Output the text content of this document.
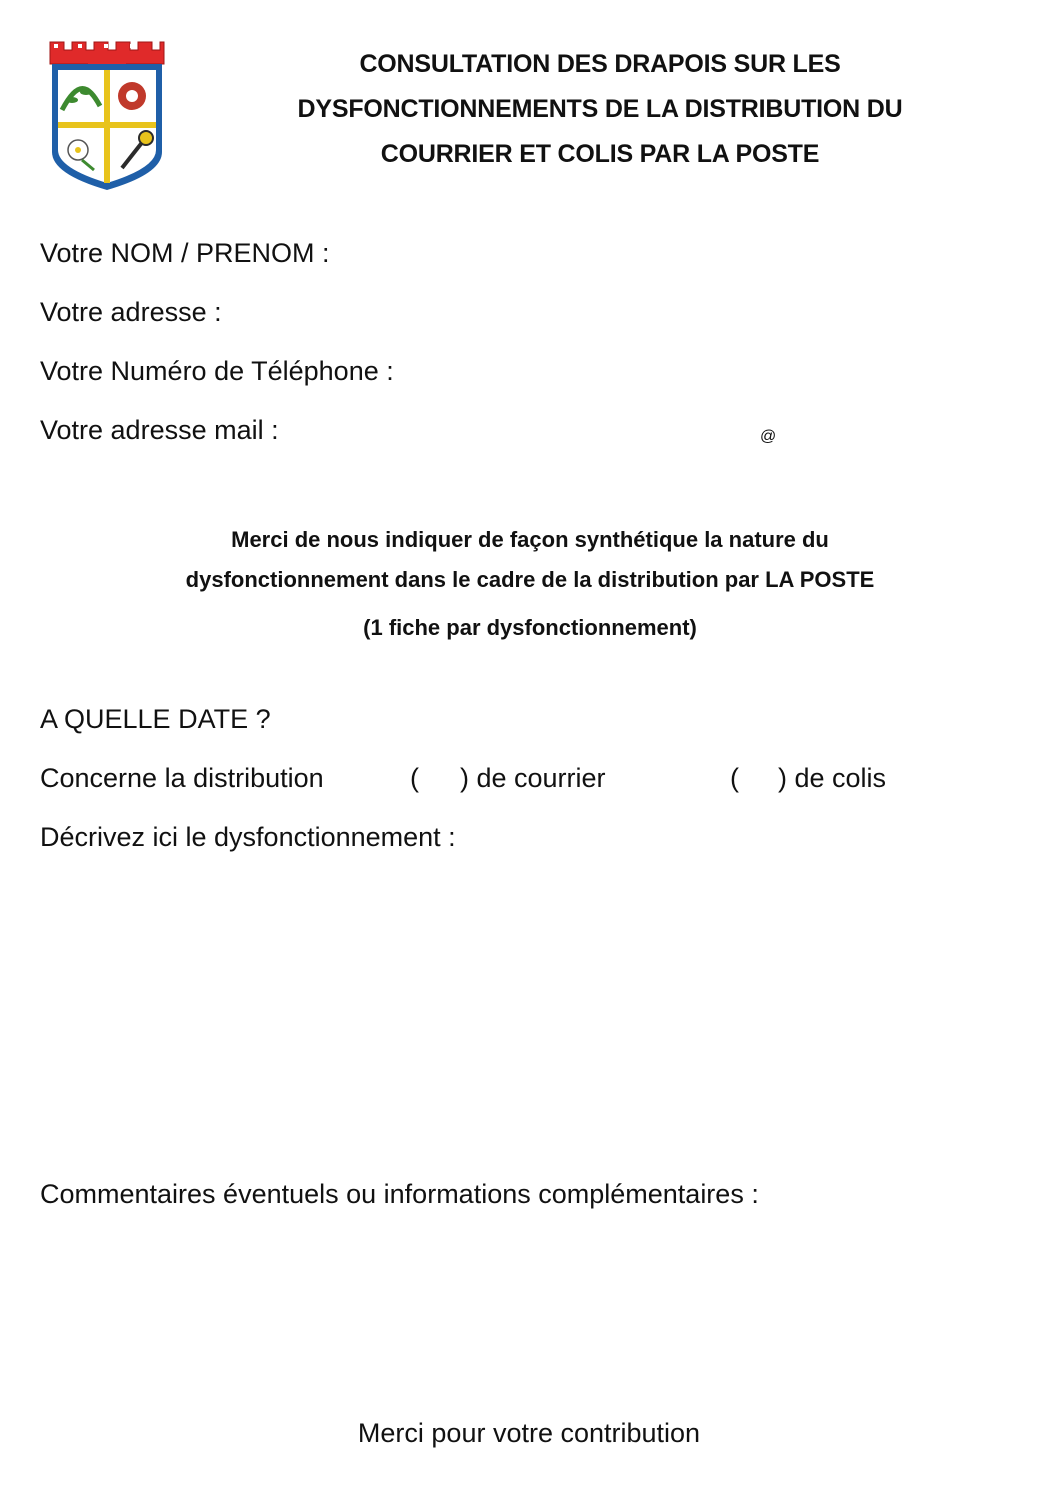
CONSULTATION DES DRAPOIS SUR LES
DYSFONCTIONNEMENTS DE LA DISTRIBUTION DU
COURRIER ET COLIS PAR LA POSTE
Votre NOM / PRENOM :
Votre adresse :
Votre Numéro de Téléphone :
Votre adresse mail :	@
Merci de nous indiquer de façon synthétique la nature du
dysfonctionnement dans le cadre de la distribution par LA POSTE
(1 fiche par dysfonctionnement)
A QUELLE DATE ?
Concerne la distribution	( ) de courrier	( ) de colis
Décrivez ici le dysfonctionnement :
Commentaires éventuels ou informations complémentaires :
Merci pour votre contribution
